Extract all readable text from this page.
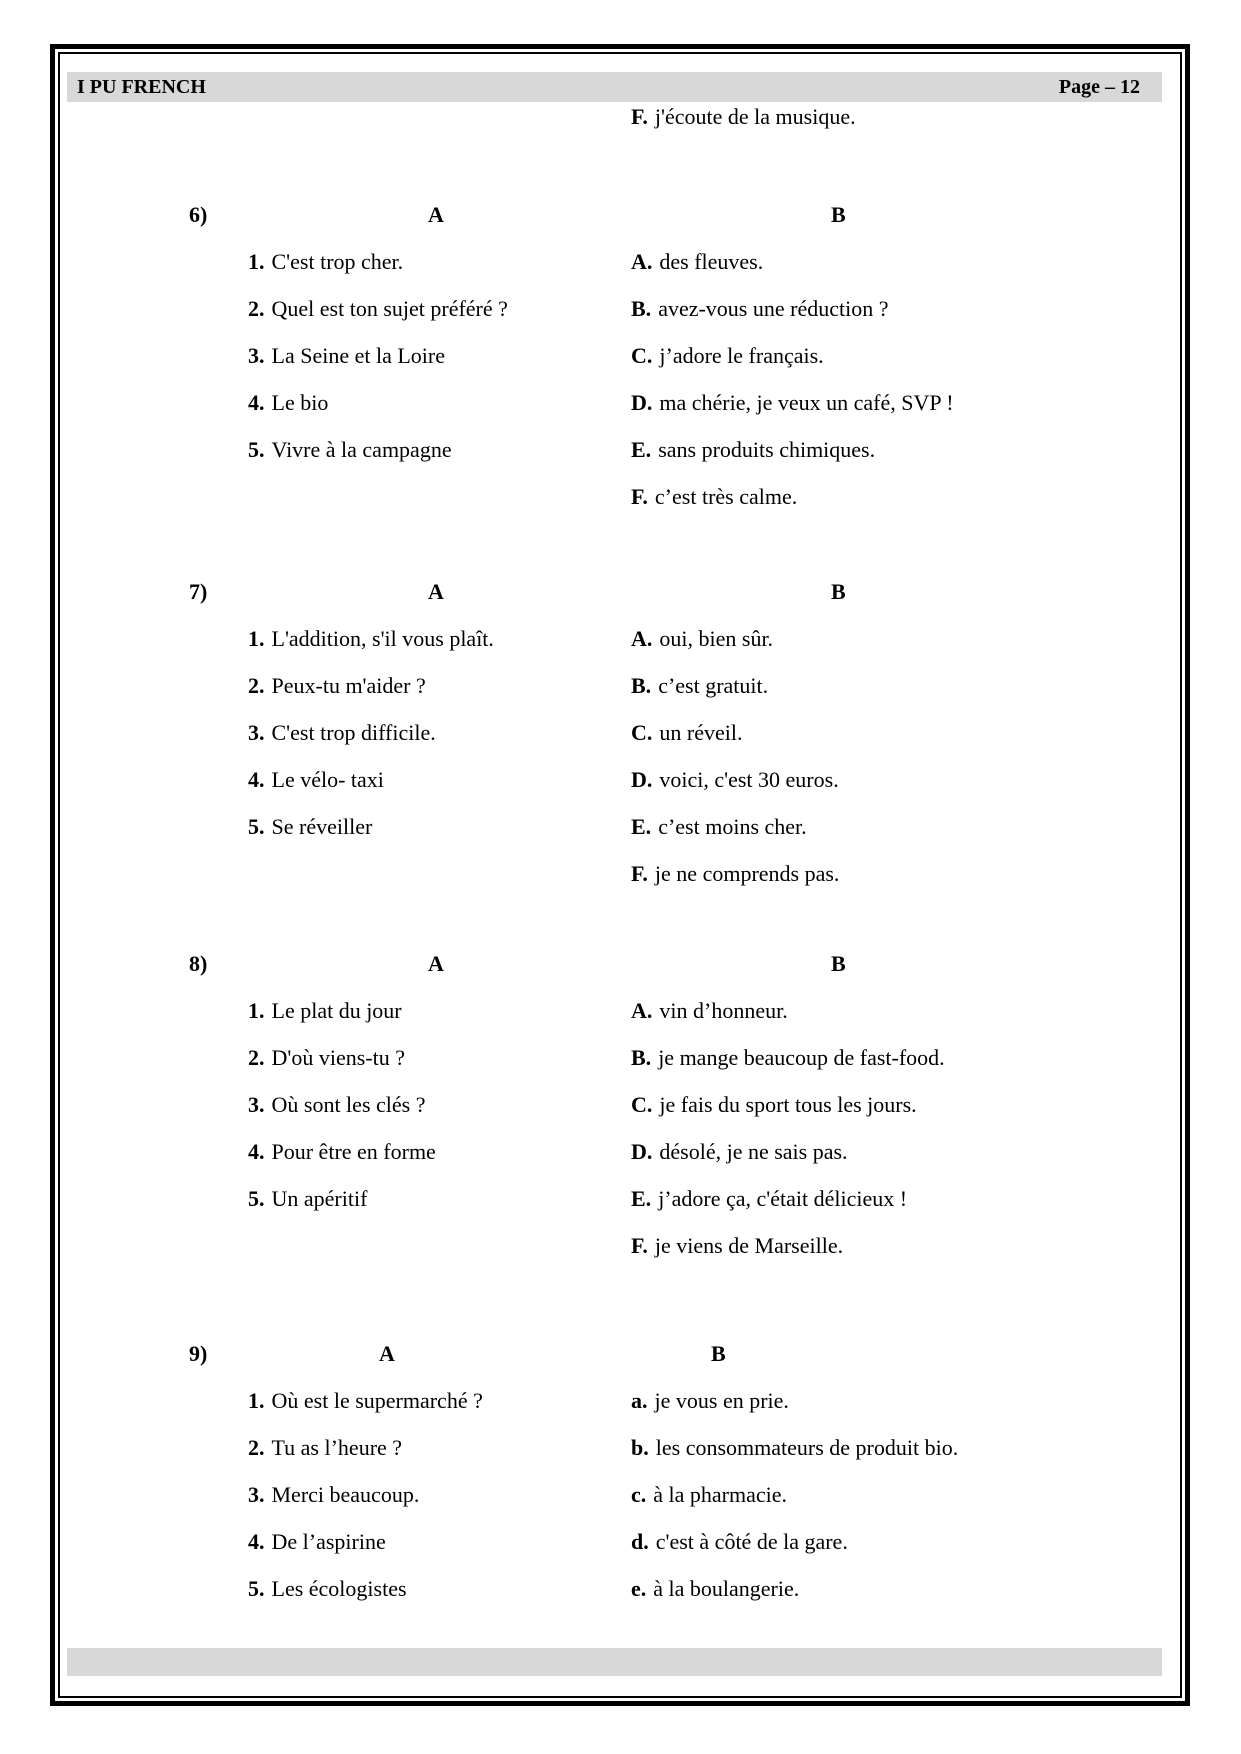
I PU FRENCH	Page – 12
F. j'écoute de la musique.
6)	A	B
1. C'est trop cher.	A. des fleuves.
2. Quel est ton sujet préféré ?	B. avez-vous une réduction ?
3. La Seine et la Loire	C. j’adore le français.
4. Le bio	D. ma chérie, je veux un café, SVP !
5. Vivre à la campagne	E. sans produits chimiques.
F. c’est très calme.
7)	A	B
1. L'addition, s'il vous plaît.	A. oui, bien sûr.
2. Peux-tu m'aider ?	B. c’est gratuit.
3. C'est trop difficile.	C. un réveil.
4. Le vélo- taxi	D. voici, c'est 30 euros.
5. Se réveiller	E. c’est moins cher.
F. je ne comprends pas.
8)	A	B
1. Le plat du jour	A. vin d’honneur.
2. D'où viens-tu ?	B. je mange beaucoup de fast-food.
3. Où sont les clés ?	C. je fais du sport tous les jours.
4. Pour être en forme	D. désolé, je ne sais pas.
5. Un apéritif	E. j’adore ça, c'était délicieux !
F. je viens de Marseille.
9)	A	B
1. Où est le supermarché ?	a. je vous en prie.
2. Tu as l’heure ?	b. les consommateurs de produit bio.
3. Merci beaucoup.	c. à la pharmacie.
4. De l’aspirine	d. c'est à côté de la gare.
5. Les écologistes	e. à la boulangerie.
